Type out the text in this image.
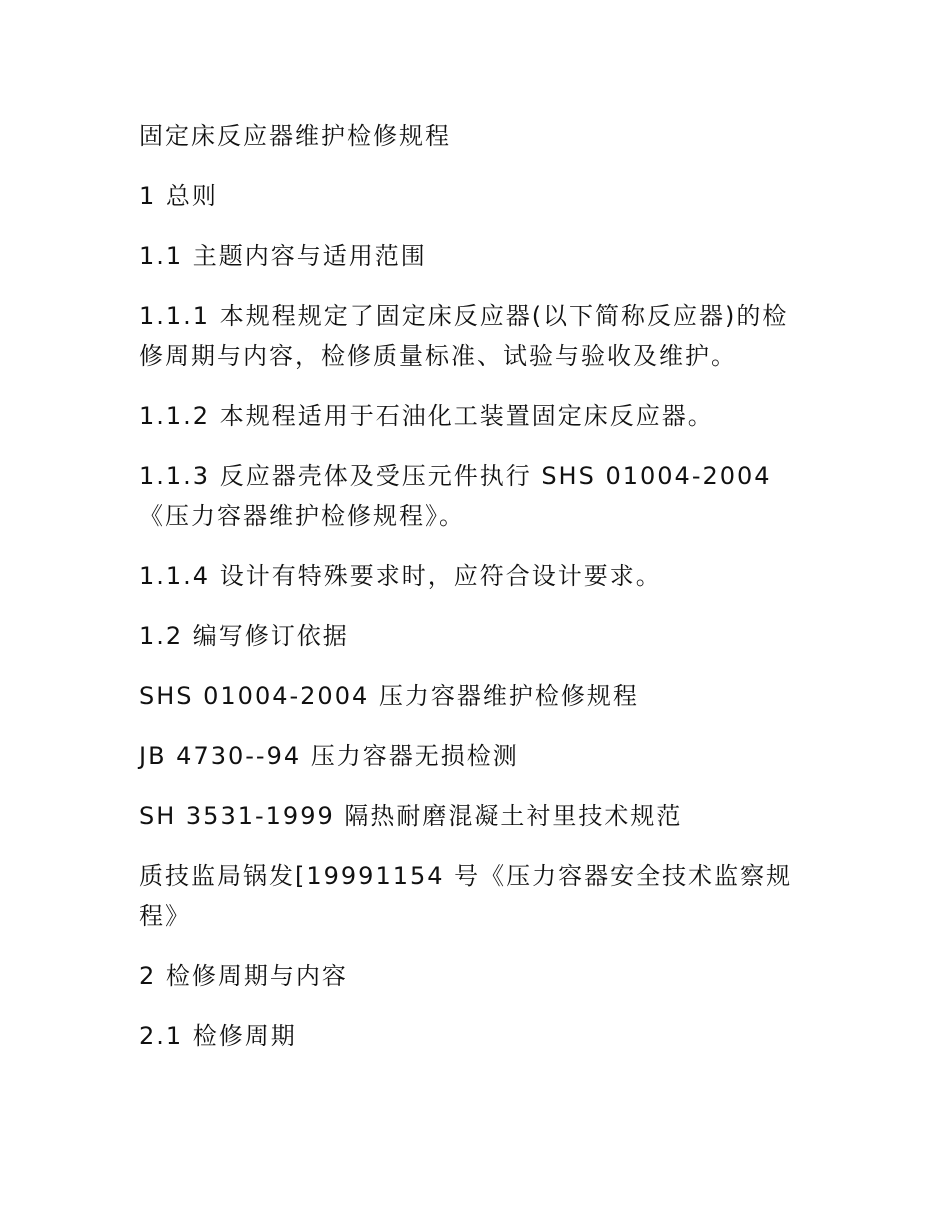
固定床反应器维护检修规程

1 总则

1.1 主题内容与适用范围

1.1.1 本规程规定了固定床反应器(以下简称反应器)的检
修周期与内容，检修质量标准、试验与验收及维护。

1.1.2 本规程适用于石油化工装置固定床反应器。

1.1.3 反应器壳体及受压元件执行 SHS 01004-2004
《压力容器维护检修规程》。

1.1.4 设计有特殊要求时，应符合设计要求。

1.2 编写修订依据

SHS 01004-2004 压力容器维护检修规程

JB 4730--94 压力容器无损检测

SH 3531-1999 隔热耐磨混凝土衬里技术规范

质技监局锅发[19991154 号《压力容器安全技术监察规
程》

2 检修周期与内容

2.1 检修周期
